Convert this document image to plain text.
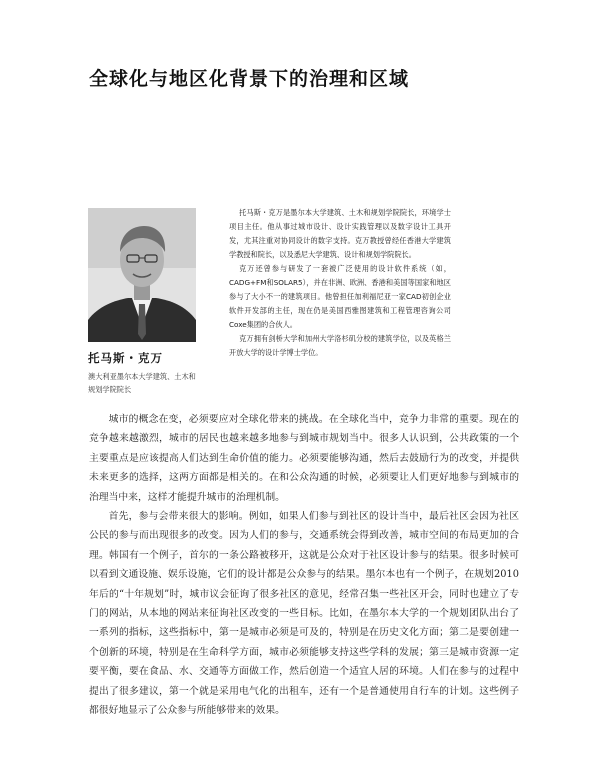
全球化与地区化背景下的治理和区域
托马斯・克万
澳大利亚墨尔本大学建筑、土木和规划学院院长

托马斯・克万是墨尔本大学建筑、土木和规划学院院长，环境学士项目主任。他从事过城市设计、设计实践管理以及数字设计工具开发，尤其注重对协同设计的数字支持。克万教授曾经任香港大学建筑学教授和院长，以及悉尼大学建筑、设计和规划学院院长。

克万还曾参与研发了一套被广泛使用的设计软件系统（如，CADG+FM和SOLAR5），并在非洲、欧洲、香港和美国等国家和地区参与了大小不一的建筑项目。他曾担任加利福尼亚一家CAD初创企业软件开发部的主任，现在仍是美国西雅图建筑和工程管理咨询公司Coxe集团的合伙人。

克万拥有剑桥大学和加州大学洛杉矶分校的建筑学位，以及英格兰开放大学的设计学博士学位。

城市的概念在变，必须要应对全球化带来的挑战。在全球化当中，竞争力非常的重要。现在的竞争越来越激烈，城市的居民也越来越多地参与到城市规划当中。很多人认识到，公共政策的一个主要重点是应该提高人们达到生命价值的能力。必须要能够沟通，然后去鼓励行为的改变，并提供未来更多的选择，这两方面都是相关的。在和公众沟通的时候，必须要让人们更好地参与到城市的治理当中来，这样才能提升城市的治理机制。

首先，参与会带来很大的影响。例如，如果人们参与到社区的设计当中，最后社区会因为社区公民的参与而出现很多的改变。因为人们的参与，交通系统会得到改善，城市空间的布局更加的合理。韩国有一个例子，首尔的一条公路被移开，这就是公众对于社区设计参与的结果。很多时候可以看到文通设施、娱乐设施，它们的设计都是公众参与的结果。墨尔本也有一个例子，在规划2010年后的“十年规划”时，城市议会征询了很多社区的意见，经常召集一些社区开会，同时也建立了专门的网站，从本地的网站来征询社区改变的一些目标。比如，在墨尔本大学的一个规划团队出台了一系列的指标，这些指标中，第一是城市必须是可及的，特别是在历史文化方面；第二是要创建一个创新的环境，特别是在生命科学方面，城市必须能够支持这些学科的发展；第三是城市资源一定要平衡，要在食品、水、交通等方面做工作，然后创造一个适宜人居的环境。人们在参与的过程中提出了很多建议，第一个就是采用电气化的出租车，还有一个是普通使用自行车的计划。这些例子都很好地显示了公众参与所能够带来的效果。
